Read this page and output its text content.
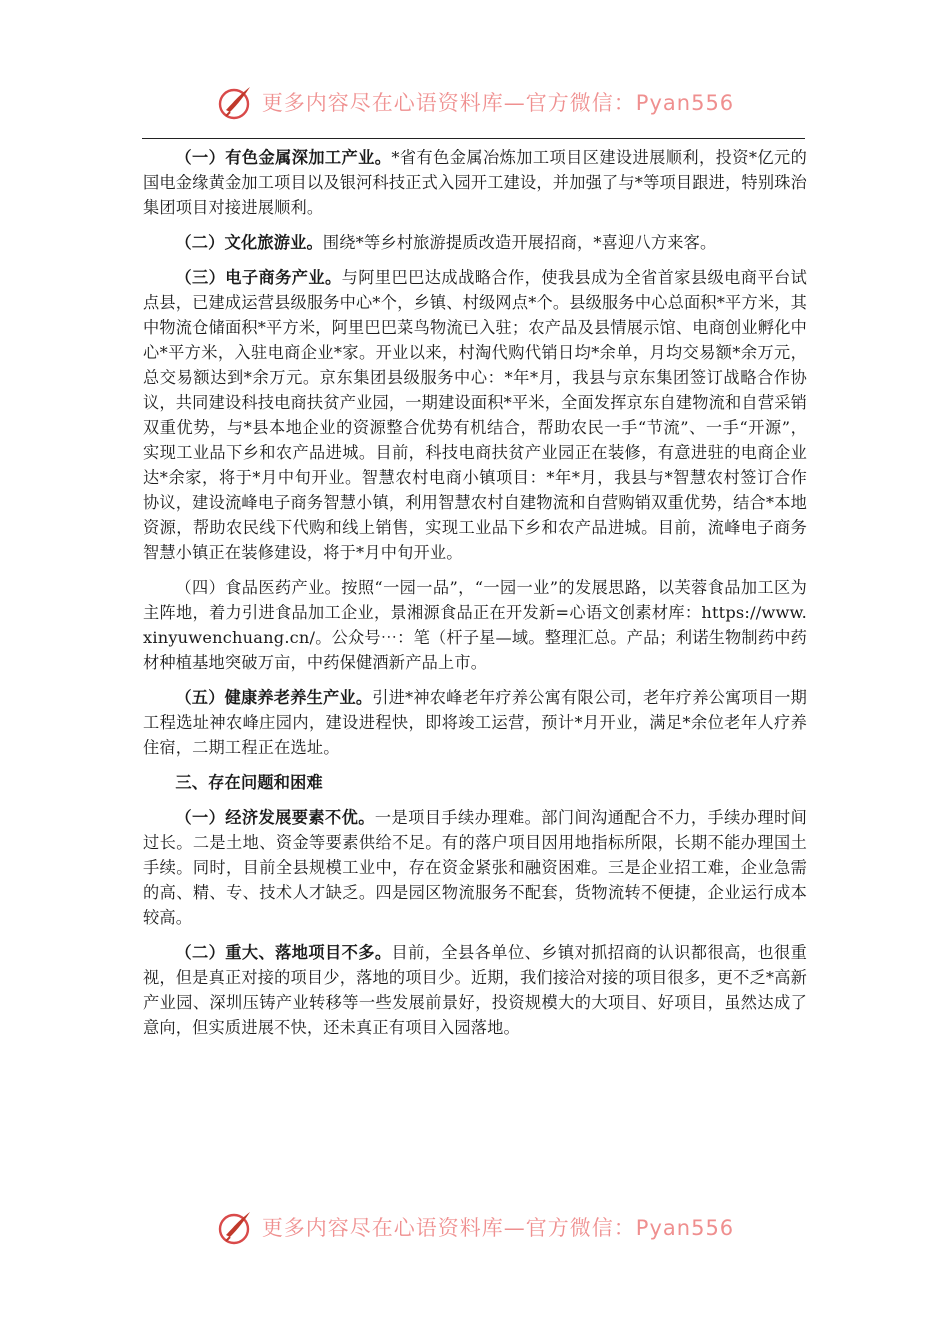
更多内容尽在心语资料库—官方微信：Pyan556

（一）有色金属深加工产业。*省有色金属冶炼加工项目区建设进展顺利，投资*亿元的国电金缘黄金加工项目以及银河科技正式入园开工建设，并加强了与*等项目跟进，特别珠治集团项目对接进展顺利。

（二）文化旅游业。围绕*等乡村旅游提质改造开展招商，*喜迎八方来客。

（三）电子商务产业。与阿里巴巴达成战略合作，使我县成为全省首家县级电商平台试点县，已建成运营县级服务中心*个，乡镇、村级网点*个。县级服务中心总面积*平方米，其中物流仓储面积*平方米，阿里巴巴菜鸟物流已入驻；农产品及县情展示馆、电商创业孵化中心*平方米，入驻电商企业*家。开业以来，村淘代购代销日均*余单，月均交易额*余万元，总交易额达到*余万元。京东集团县级服务中心：*年*月，我县与京东集团签订战略合作协议，共同建设科技电商扶贫产业园，一期建设面积*平米，全面发挥京东自建物流和自营采销双重优势，与*县本地企业的资源整合优势有机结合，帮助农民一手“节流”、一手“开源”，实现工业品下乡和农产品进城。目前，科技电商扶贫产业园正在装修，有意进驻的电商企业达*余家，将于*月中旬开业。智慧农村电商小镇项目：*年*月，我县与*智慧农村签订合作协议，建设流峰电子商务智慧小镇，利用智慧农村自建物流和自营购销双重优势，结合*本地资源，帮助农民线下代购和线上销售，实现工业品下乡和农产品进城。目前，流峰电子商务智慧小镇正在装修建设，将于*月中旬开业。

（四）食品医药产业。按照“一园一品”，“一园一业”的发展思路，以芙蓉食品加工区为主阵地，着力引进食品加工企业，景湘源食品正在开发新=心语文创素材库：https://www.xinyuwenchuang.cn/。公众号⋯：笔（杆子星—域。整理汇总。产品；利诺生物制药中药材种植基地突破万亩，中药保健酒新产品上市。

（五）健康养老养生产业。引进*神农峰老年疗养公寓有限公司，老年疗养公寓项目一期工程选址神农峰庄园内，建设进程快，即将竣工运营，预计*月开业，满足*余位老年人疗养住宿，二期工程正在选址。

三、存在问题和困难

（一）经济发展要素不优。一是项目手续办理难。部门间沟通配合不力，手续办理时间过长。二是土地、资金等要素供给不足。有的落户项目因用地指标所限，长期不能办理国土手续。同时，目前全县规模工业中，存在资金紧张和融资困难。三是企业招工难，企业急需的高、精、专、技术人才缺乏。四是园区物流服务不配套，货物流转不便捷，企业运行成本较高。

（二）重大、落地项目不多。目前，全县各单位、乡镇对抓招商的认识都很高，也很重视，但是真正对接的项目少，落地的项目少。近期，我们接洽对接的项目很多，更不乏*高新产业园、深圳压铸产业转移等一些发展前景好，投资规模大的大项目、好项目，虽然达成了意向，但实质进展不快，还未真正有项目入园落地。

更多内容尽在心语资料库—官方微信：Pyan556
